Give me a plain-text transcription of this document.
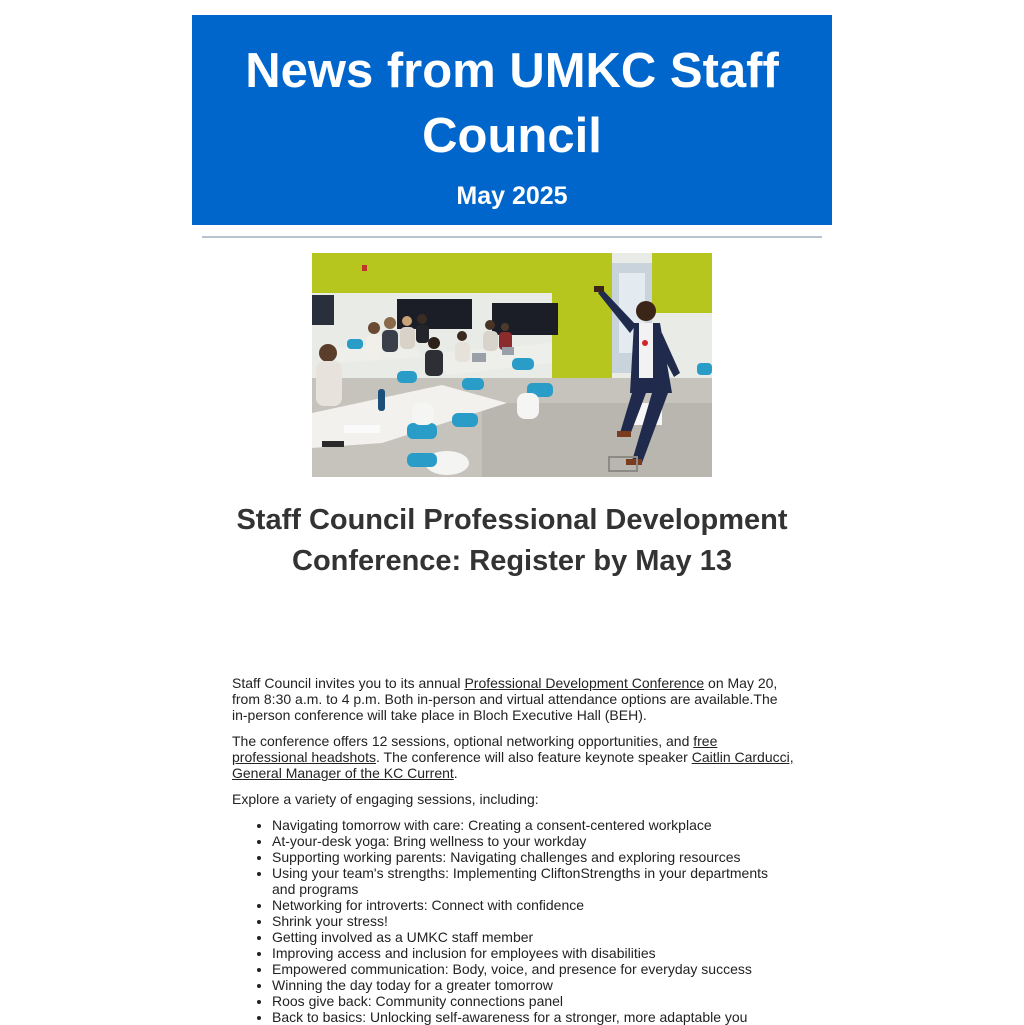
News from UMKC Staff Council
May 2025
Staff Council Professional Development Conference: Register by May 13

Staff Council invites you to its annual Professional Development Conference on May 20, from 8:30 a.m. to 4 p.m. Both in-person and virtual attendance options are available.The in-person conference will take place in Bloch Executive Hall (BEH).

The conference offers 12 sessions, optional networking opportunities, and free professional headshots. The conference will also feature keynote speaker Caitlin Carducci, General Manager of the KC Current.

Explore a variety of engaging sessions, including:

• Navigating tomorrow with care: Creating a consent-centered workplace
• At-your-desk yoga: Bring wellness to your workday
• Supporting working parents: Navigating challenges and exploring resources
• Using your team's strengths: Implementing CliftonStrengths in your departments and programs
• Networking for introverts: Connect with confidence
• Shrink your stress!
• Getting involved as a UMKC staff member
• Improving access and inclusion for employees with disabilities
• Empowered communication: Body, voice, and presence for everyday success
• Winning the day today for a greater tomorrow
• Roos give back: Community connections panel
• Back to basics: Unlocking self-awareness for a stronger, more adaptable you
